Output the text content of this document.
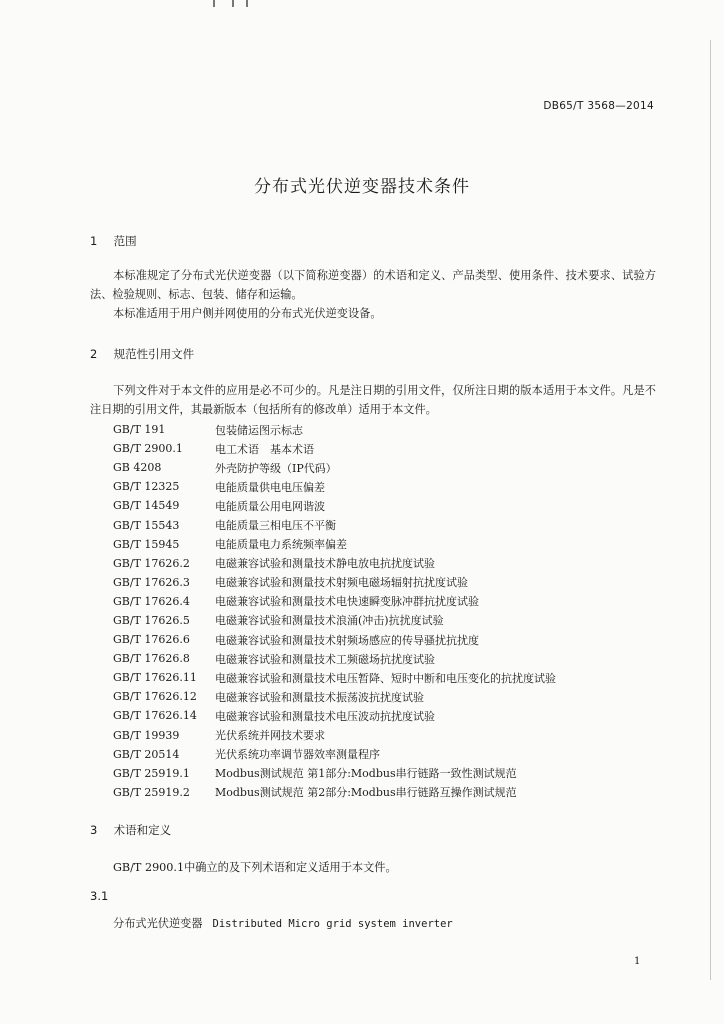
DB65/T 3568—2014
分布式光伏逆变器技术条件
1 范围
本标准规定了分布式光伏逆变器（以下简称逆变器）的术语和定义、产品类型、使用条件、技术要求、试验方法、检验规则、标志、包装、储存和运输。
本标准适用于用户侧并网使用的分布式光伏逆变设备。
2 规范性引用文件
下列文件对于本文件的应用是必不可少的。凡是注日期的引用文件，仅所注日期的版本适用于本文件。凡是不注日期的引用文件，其最新版本（包括所有的修改单）适用于本文件。
GB/T 191	包装储运图示标志
GB/T 2900.1	电工术语　基本术语
GB 4208	外壳防护等级（IP代码）
GB/T 12325	电能质量供电电压偏差
GB/T 14549	电能质量公用电网谐波
GB/T 15543	电能质量三相电压不平衡
GB/T 15945	电能质量电力系统频率偏差
GB/T 17626.2	电磁兼容试验和测量技术静电放电抗扰度试验
GB/T 17626.3	电磁兼容试验和测量技术射频电磁场辐射抗扰度试验
GB/T 17626.4	电磁兼容试验和测量技术电快速瞬变脉冲群抗扰度试验
GB/T 17626.5	电磁兼容试验和测量技术浪涌(冲击)抗扰度试验
GB/T 17626.6	电磁兼容试验和测量技术射频场感应的传导骚扰抗扰度
GB/T 17626.8	电磁兼容试验和测量技术工频磁场抗扰度试验
GB/T 17626.11	电磁兼容试验和测量技术电压暂降、短时中断和电压变化的抗扰度试验
GB/T 17626.12	电磁兼容试验和测量技术振荡波抗扰度试验
GB/T 17626.14	电磁兼容试验和测量技术电压波动抗扰度试验
GB/T 19939	光伏系统并网技术要求
GB/T 20514	光伏系统功率调节器效率测量程序
GB/T 25919.1	Modbus测试规范 第1部分:Modbus串行链路一致性测试规范
GB/T 25919.2	Modbus测试规范 第2部分:Modbus串行链路互操作测试规范
3 术语和定义
GB/T 2900.1中确立的及下列术语和定义适用于本文件。
3.1
分布式光伏逆变器 Distributed Micro grid system inverter
1
